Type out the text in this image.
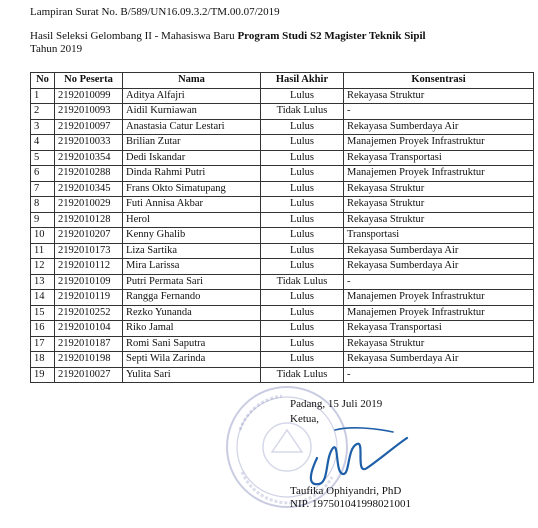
Lampiran Surat No. B/589/UN16.09.3.2/TM.00.07/2019
Hasil Seleksi Gelombang II - Mahasiswa Baru Program Studi S2 Magister Teknik Sipil
Tahun 2019
No	No Peserta	Nama	Hasil Akhir	Konsentrasi
1	2192010099	Aditya Alfajri	Lulus	Rekayasa Struktur
2	2192010093	Aidil Kurniawan	Tidak Lulus	-
3	2192010097	Anastasia Catur Lestari	Lulus	Rekayasa Sumberdaya Air
4	2192010033	Brilian Zutar	Lulus	Manajemen Proyek Infrastruktur
5	2192010354	Dedi Iskandar	Lulus	Rekayasa Transportasi
6	2192010288	Dinda Rahmi Putri	Lulus	Manajemen Proyek Infrastruktur
7	2192010345	Frans Okto Simatupang	Lulus	Rekayasa Struktur
8	2192010029	Futi Annisa Akbar	Lulus	Rekayasa Struktur
9	2192010128	Herol	Lulus	Rekayasa Struktur
10	2192010207	Kenny Ghalib	Lulus	Transportasi
11	2192010173	Liza Sartika	Lulus	Rekayasa Sumberdaya Air
12	2192010112	Mira Larissa	Lulus	Rekayasa Sumberdaya Air
13	2192010109	Putri Permata Sari	Tidak Lulus	-
14	2192010119	Rangga Fernando	Lulus	Manajemen Proyek Infrastruktur
15	2192010252	Rezko Yunanda	Lulus	Manajemen Proyek Infrastruktur
16	2192010104	Riko Jamal	Lulus	Rekayasa Transportasi
17	2192010187	Romi Sani Saputra	Lulus	Rekayasa Struktur
18	2192010198	Septi Wila Zarinda	Lulus	Rekayasa Sumberdaya Air
19	2192010027	Yulita Sari	Tidak Lulus	-
Padang, 15 Juli 2019
Ketua,
Taufika Ophiyandri, PhD
NIP. 197501041998021001
